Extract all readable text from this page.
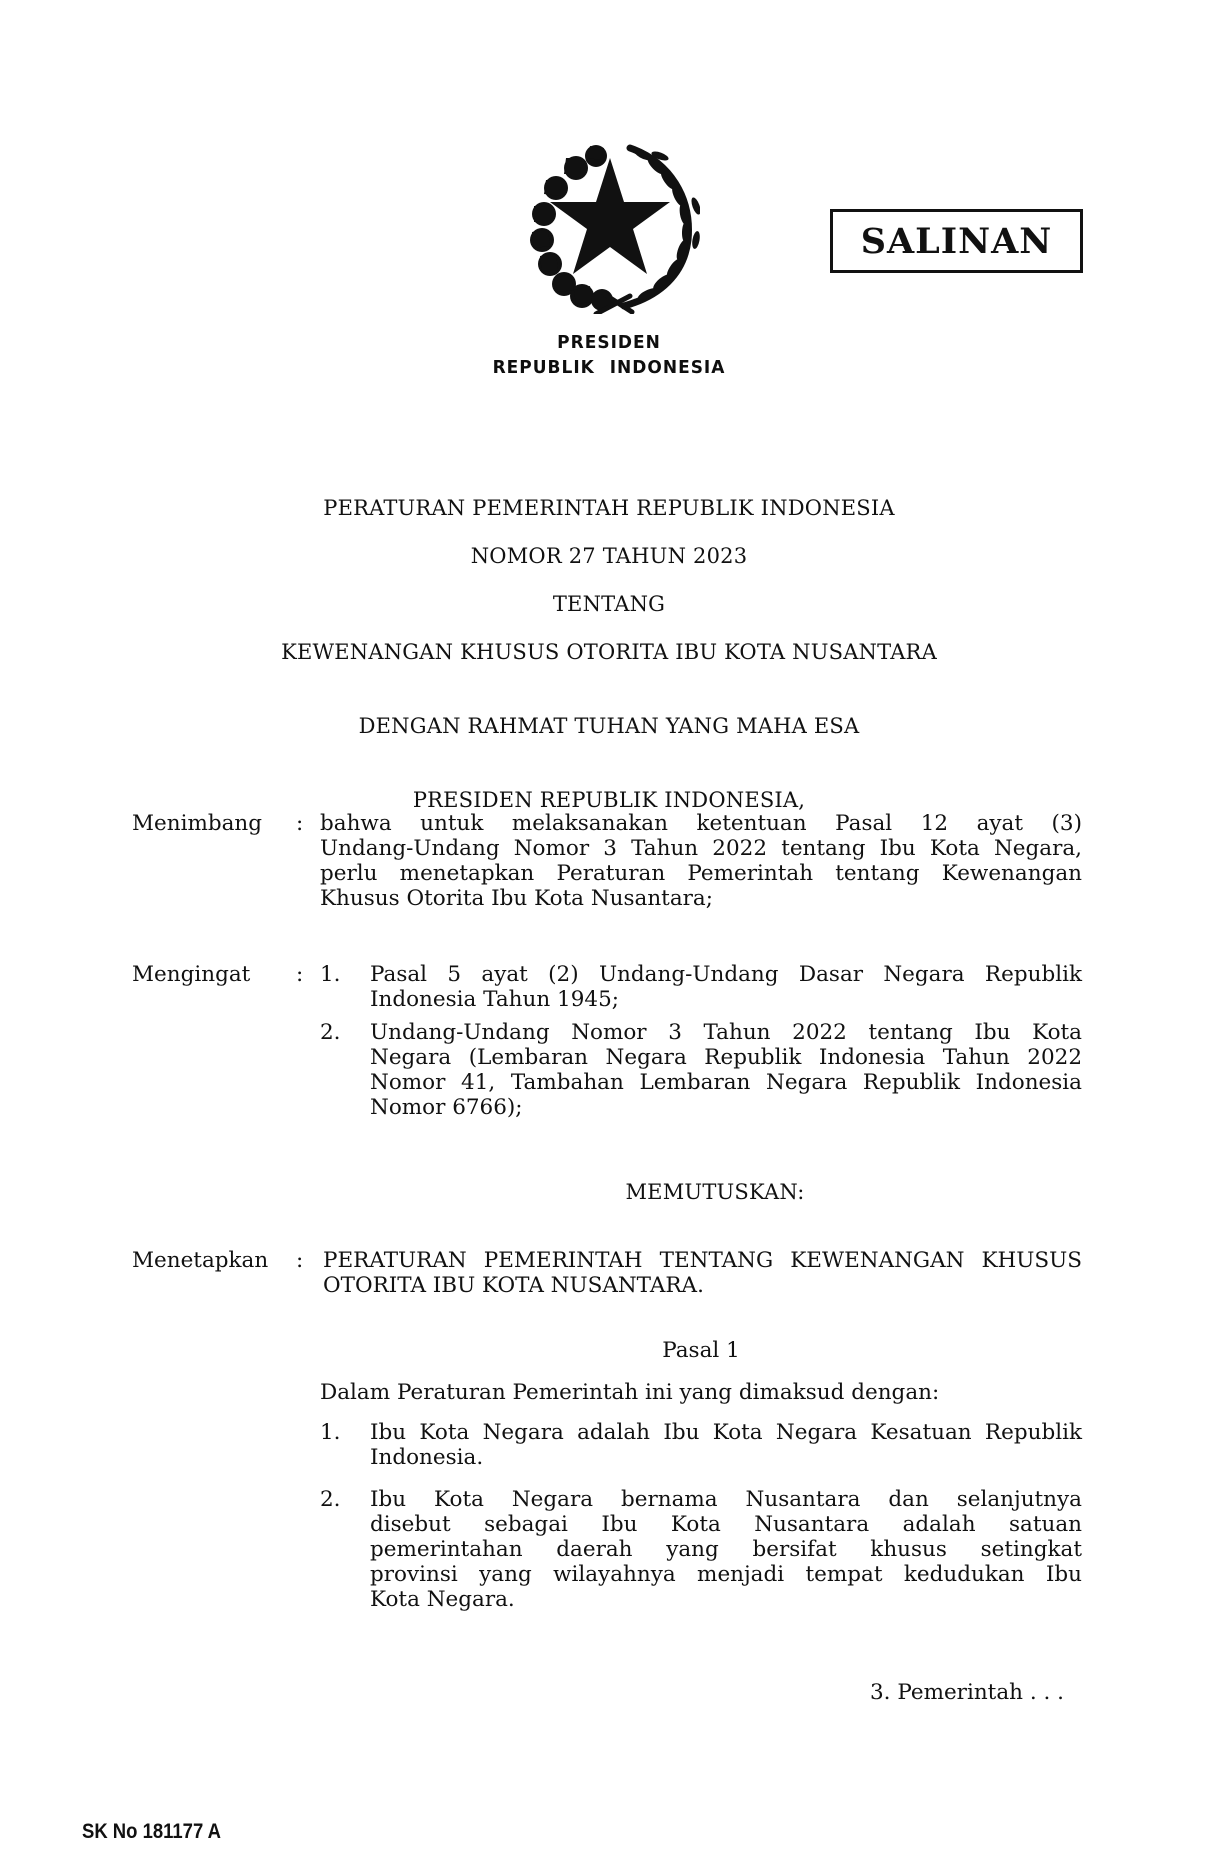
PRESIDEN
REPUBLIK INDONESIA
SALINAN
PERATURAN PEMERINTAH REPUBLIK INDONESIA
NOMOR 27 TAHUN 2023
TENTANG
KEWENANGAN KHUSUS OTORITA IBU KOTA NUSANTARA
DENGAN RAHMAT TUHAN YANG MAHA ESA
PRESIDEN REPUBLIK INDONESIA,
Menimbang : bahwa untuk melaksanakan ketentuan Pasal 12 ayat (3)

Undang-Undang Nomor 3 Tahun 2022 tentang Ibu Kota Negara,

perlu menetapkan Peraturan Pemerintah tentang Kewenangan

Khusus Otorita Ibu Kota Nusantara;

Mengingat : 1. Pasal 5 ayat (2) Undang-Undang Dasar Negara Republik

Indonesia Tahun 1945;

2. Undang-Undang Nomor 3 Tahun 2022 tentang Ibu Kota

Negara (Lembaran Negara Republik Indonesia Tahun 2022

Nomor 41, Tambahan Lembaran Negara Republik Indonesia

Nomor 6766);

MEMUTUSKAN:
Menetapkan : PERATURAN PEMERINTAH TENTANG KEWENANGAN KHUSUS

OTORITA IBU KOTA NUSANTARA.

Pasal 1
Dalam Peraturan Pemerintah ini yang dimaksud dengan:
1. Ibu Kota Negara adalah Ibu Kota Negara Kesatuan Republik

Indonesia.

2. Ibu Kota Negara bernama Nusantara dan selanjutnya

disebut sebagai Ibu Kota Nusantara adalah satuan

pemerintahan daerah yang bersifat khusus setingkat

provinsi yang wilayahnya menjadi tempat kedudukan Ibu

Kota Negara.

3. Pemerintah . . .
SK No 181177 A
